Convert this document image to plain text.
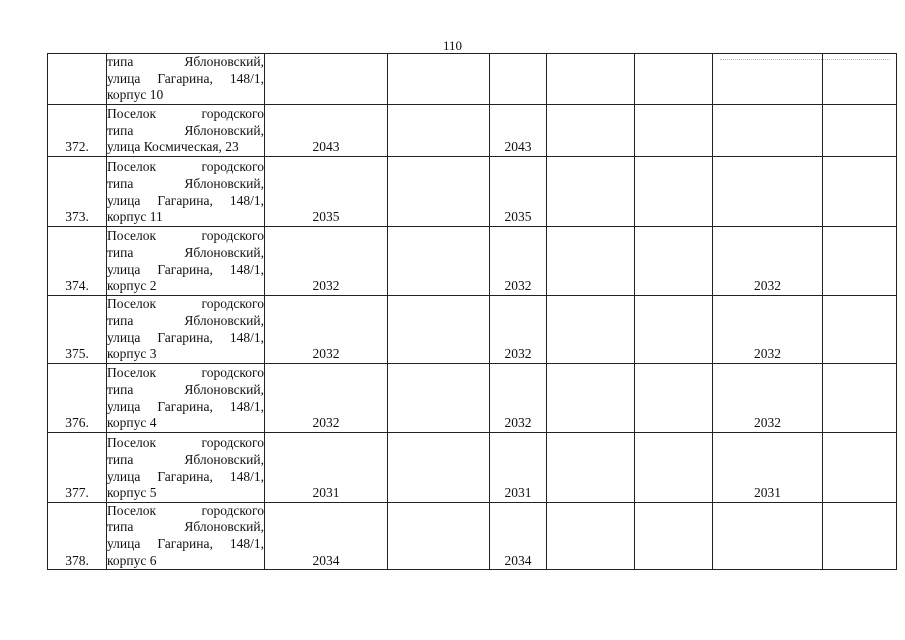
110

	типа Яблоновский,
улица Гагарина, 148/1,
корпус 10							

372.	Поселок городского
типа Яблоновский,
улица Космическая, 23	2043		2043				
373.	Поселок городского
типа Яблоновский,
улица Гагарина, 148/1,
корпус 11	2035		2035				
374.	Поселок городского
типа Яблоновский,
улица Гагарина, 148/1,
корпус 2	2032		2032			2032	
375.	Поселок городского
типа Яблоновский,
улица Гагарина, 148/1,
корпус 3	2032		2032			2032	
376.	Поселок городского
типа Яблоновский,
улица Гагарина, 148/1,
корпус 4	2032		2032			2032	
377.	Поселок городского
типа Яблоновский,
улица Гагарина, 148/1,
корпус 5	2031		2031			2031	
378.	Поселок городского
типа Яблоновский,
улица Гагарина, 148/1,
корпус 6	2034		2034				
